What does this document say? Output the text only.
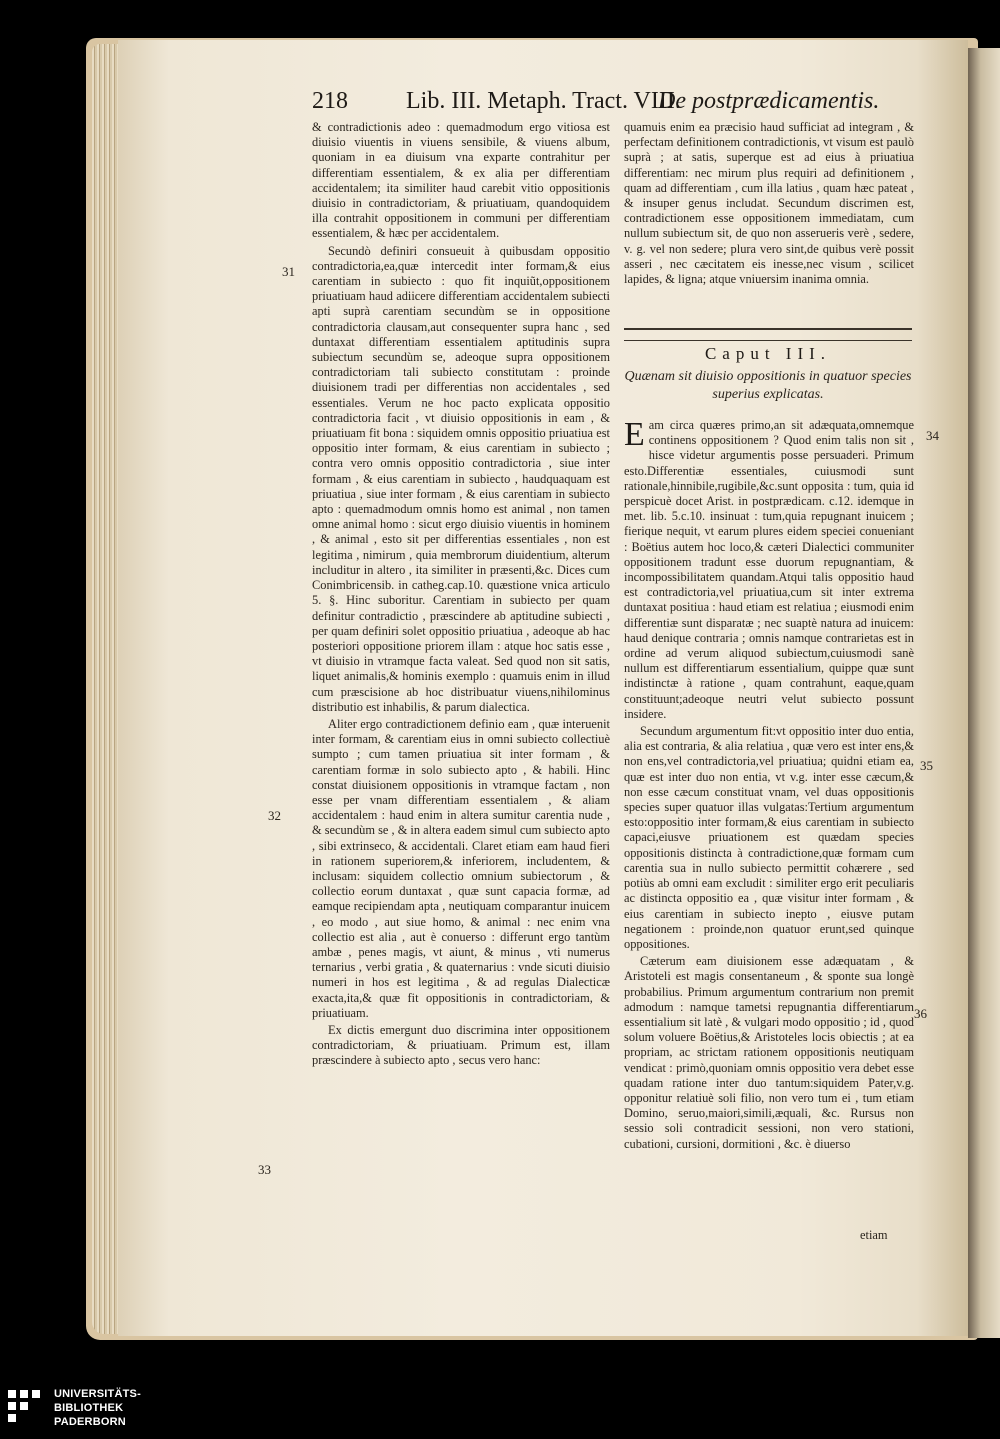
218 Lib. III. Metaph. Tract. VIII.
De postprædicamentis.

& contradictionis adeo : quemadmodum ergo vitiosa est diuisio viuentis in viuens sensibile, & viuens album, quoniam in ea diuisum vna exparte contrahitur per differentiam essentialem, & ex alia per differentiam accidentalem; ita similiter haud carebit vitio oppositionis diuisio in contradictoriam, & priuatiuam, quandoquidem illa contrahit oppositionem in communi per differentiam essentialem, & hæc per accidentalem.

Secundò definiri consueuit à quibusdam oppositio contradictoria,ea,quæ intercedit inter formam,& eius carentiam in subiecto : quo fit inquiũt,oppositionem priuatiuam haud adiicere differentiam accidentalem subiecti apti suprà carentiam secundùm se in oppositione contradictoria clausam,aut consequenter supra hanc , sed duntaxat differentiam essentialem aptitudinis supra subiectum secundùm se, adeoque supra oppositionem contradictoriam tali subiecto constitutam : proinde diuisionem tradi per differentias non accidentales , sed essentiales. Verum ne hoc pacto explicata oppositio contradictoria facit , vt diuisio oppositionis in eam , & priuatiuam fit bona : siquidem omnis oppositio priuatiua est oppositio inter formam, & eius carentiam in subiecto ; contra vero omnis oppositio contradictoria , siue inter formam , & eius carentiam in subiecto , haudquaquam est priuatiua , siue inter formam , & eius carentiam in subiecto apto : quemadmodum omnis homo est animal , non tamen omne animal homo : sicut ergo diuisio viuentis in hominem , & animal , esto sit per differentias essentiales , non est legitima , nimirum , quia membrorum diuidentium, alterum includitur in altero , ita similiter in præsenti,&c. Dices cum Conimbricensib. in catheg.cap.10. quæstione vnica articulo 5. §. Hinc suboritur. Carentiam in subiecto per quam definitur contradictio , præscindere ab aptitudine subiecti , per quam definiri solet oppositio priuatiua , adeoque ab hac posteriori oppositione priorem illam : atque hoc satis esse , vt diuisio in vtramque facta valeat. Sed quod non sit satis, liquet animalis,& hominis exemplo : quamuis enim in illud cum præscisione ab hoc distribuatur viuens,nihilominus distributio est inhabilis, & parum dialectica.

Aliter ergo contradictionem definio eam , quæ interuenit inter formam, & carentiam eius in omni subiecto collectiuè sumpto ; cum tamen priuatiua sit inter formam , & carentiam formæ in solo subiecto apto , & habili. Hinc constat diuisionem oppositionis in vtramque factam , non esse per vnam differentiam essentialem , & aliam accidentalem : haud enim in altera sumitur carentia nude , & secundùm se , & in altera eadem simul cum subiecto apto , sibi extrinseco, & accidentali. Claret etiam eam haud fieri in rationem superiorem,& inferiorem, includentem, & inclusam: siquidem collectio omnium subiectorum , & collectio eorum duntaxat , quæ sunt capacia formæ, ad eamque recipiendam apta , neutiquam comparantur inuicem , eo modo , aut siue homo, & animal : nec enim vna collectio est alia , aut è conuerso : differunt ergo tantùm ambæ , penes magis, vt aiunt, & minus , vti numerus ternarius , verbi gratia , & quaternarius : vnde sicuti diuisio numeri in hos est legitima , & ad regulas Dialecticæ exacta,ita,& quæ fit oppositionis in contradictoriam, & priuatiuam.

Ex dictis emergunt duo discrimina inter oppositionem contradictoriam, & priuatiuam. Primum est, illam præscindere à subiecto apto , secus vero hanc:

31
32
33

quamuis enim ea præcisio haud sufficiat ad integram , & perfectam definitionem contradictionis, vt visum est paulò suprà ; at satis, superque est ad eius à priuatiua differentiam: nec mirum plus requiri ad definitionem , quam ad differentiam , cum illa latius , quam hæc pateat , & insuper genus includat. Secundum discrimen est, contradictionem esse oppositionem immediatam, cum nullum subiectum sit, de quo non asserueris verè , sedere, v. g. vel non sedere; plura vero sint,de quibus verè possit asseri , nec cæcitatem eis inesse,nec visum , scilicet lapides, & ligna; atque vniuersim inanima omnia.

Caput III.
Quænam sit diuisio oppositionis in quatuor species superius explicatas.

Eam circa quæres primo,an sit adæquata,omnemque continens oppositionem ? Quod enim talis non sit , hisce videtur argumentis posse persuaderi. Primum esto.Differentiæ essentiales, cuiusmodi sunt rationale,hinnibile,rugibile,&c.sunt opposita : tum, quia id perspicuè docet Arist. in postprædicam. c.12. idemque in met. lib. 5.c.10. insinuat : tum,quia repugnant inuicem ; fierique nequit, vt earum plures eidem speciei conueniant : Boëtius autem hoc loco,& cæteri Dialectici communiter oppositionem tradunt esse duorum repugnantiam, & incompossibilitatem quandam.Atqui talis oppositio haud est contradictoria,vel priuatiua,cum sit inter extrema duntaxat positiua : haud etiam est relatiua ; eiusmodi enim differentiæ sunt disparatæ ; nec suaptè natura ad inuicem: haud denique contraria ; omnis namque contrarietas est in ordine ad verum aliquod subiectum,cuiusmodi sanè nullum est differentiarum essentialium, quippe quæ sunt indistinctæ à ratione , quam contrahunt, eaque,quam constituunt;adeoque neutri velut subiecto possunt insidere.

Secundum argumentum fit:vt oppositio inter duo entia, alia est contraria, & alia relatiua , quæ vero est inter ens,& non ens,vel contradictoria,vel priuatiua; quidni etiam ea, quæ est inter duo non entia, vt v.g. inter esse cæcum,& non esse cæcum constituat vnam, vel duas oppositionis species super quatuor illas vulgatas:Tertium argumentum esto:oppositio inter formam,& eius carentiam in subiecto capaci,eiusve priuationem est quædam species oppositionis distincta à contradictione,quæ formam cum carentia sua in nullo subiecto permittit cohærere , sed potiùs ab omni eam excludit : similiter ergo erit peculiaris ac distincta oppositio ea , quæ visitur inter formam , & eius carentiam in subiecto inepto , eiusve putam negationem : proinde,non quatuor erunt,sed quinque oppositiones.

Cæterum eam diuisionem esse adæquatam , & Aristoteli est magis consentaneum , & sponte sua longè probabilius. Primum argumentum contrarium non premit admodum : namque tametsi repugnantia differentiarum essentialium sit latè , & vulgari modo oppositio ; id , quod solum voluere Boëtius,& Aristoteles locis obiectis ; at ea propriam, ac strictam rationem oppositionis neutiquam vendicat : primò,quoniam omnis oppositio vera debet esse quadam ratione inter duo tantum:siquidem Pater,v.g. opponitur relatiuè soli filio, non vero tum ei , tum etiam Domino, seruo,maiori,simili,æquali, &c. Rursus non sessio soli contradicit sessioni, non vero stationi, cubationi, cursioni, dormitioni , &c. è diuerso

34
35
36
etiam
UNIVERSITÄTS-
BIBLIOTHEK
PADERBORN
